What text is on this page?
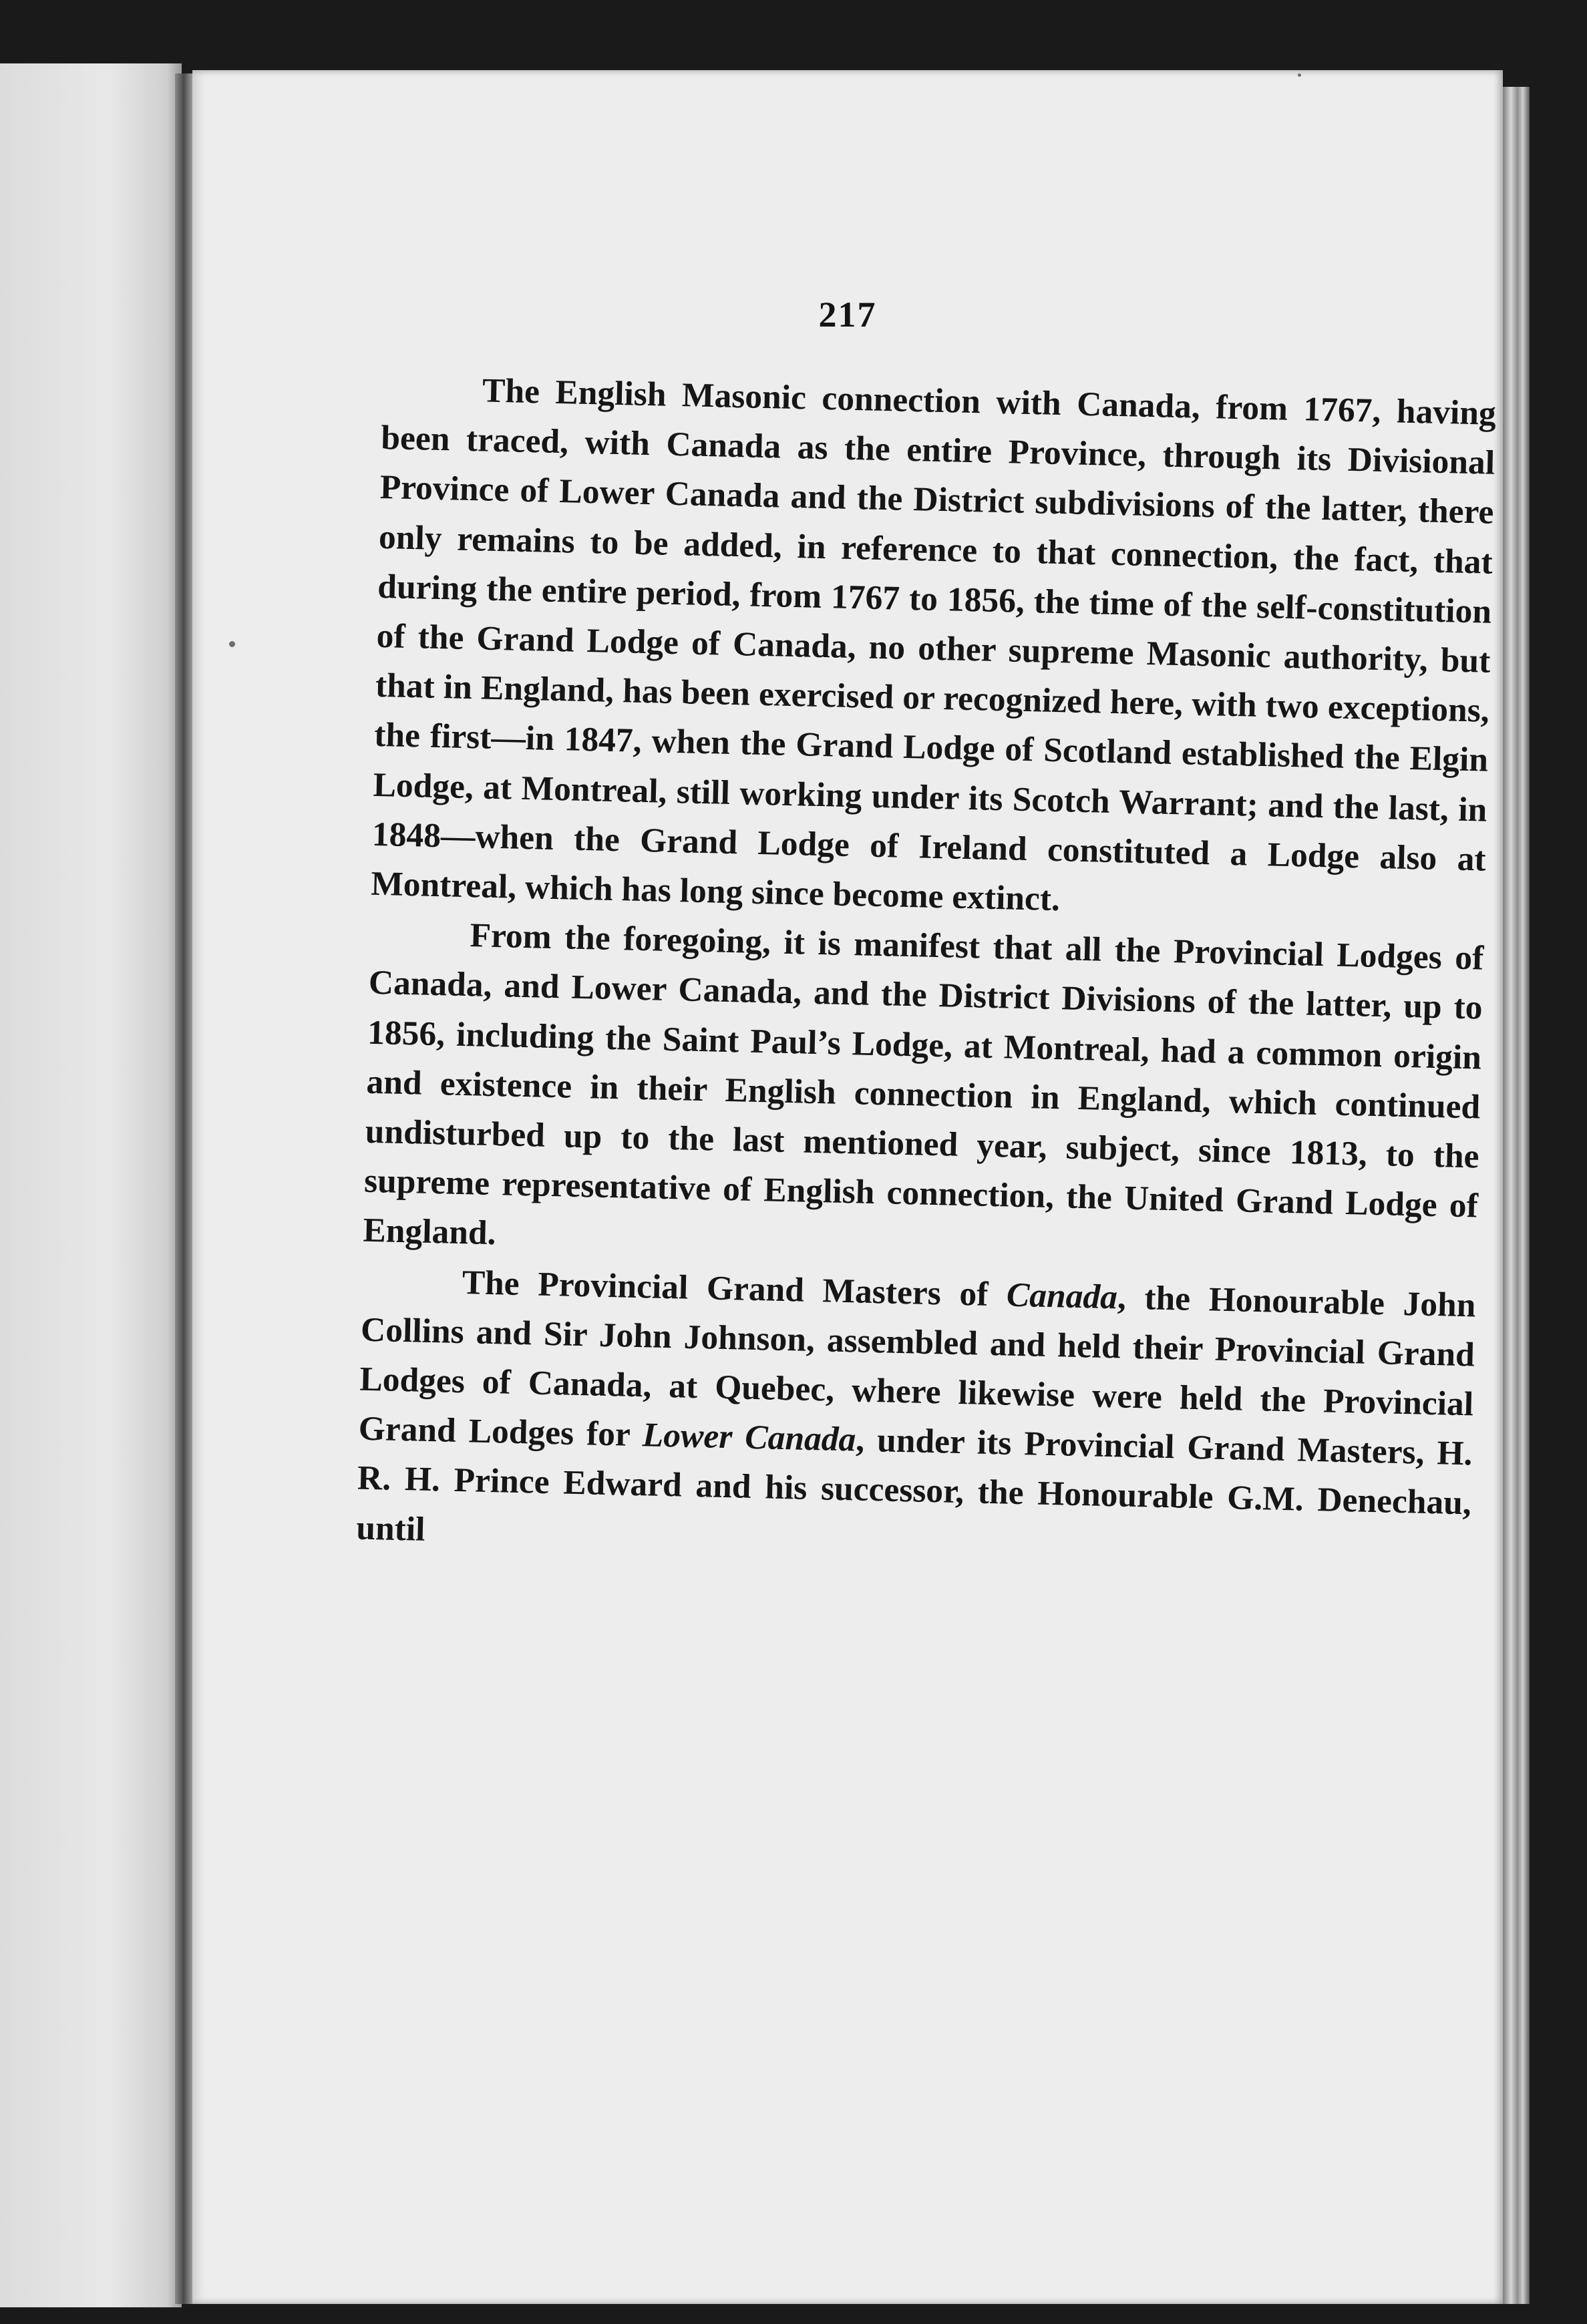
217

The English Masonic connection with Canada, from 1767, having been traced, with Canada as the entire Province, through its Divisional Province of Lower Canada and the District subdivisions of the latter, there only remains to be added, in reference to that connection, the fact, that during the entire period, from 1767 to 1856, the time of the self-constitution of the Grand Lodge of Canada, no other supreme Masonic authority, but that in England, has been exercised or recognized here, with two exceptions, the first—in 1847, when the Grand Lodge of Scotland established the Elgin Lodge, at Montreal, still working under its Scotch Warrant; and the last, in 1848—when the Grand Lodge of Ireland constituted a Lodge also at Montreal, which has long since become extinct.

From the foregoing, it is manifest that all the Provincial Lodges of Canada, and Lower Canada, and the District Divisions of the latter, up to 1856, including the Saint Paul’s Lodge, at Montreal, had a common origin and existence in their English connection in England, which continued undisturbed up to the last mentioned year, subject, since 1813, to the supreme representative of English connection, the United Grand Lodge of England.

The Provincial Grand Masters of Canada, the Honourable John Collins and Sir John Johnson, assembled and held their Provincial Grand Lodges of Canada, at Quebec, where likewise were held the Provincial Grand Lodges for Lower Canada, under its Provincial Grand Masters, H. R. H. Prince Edward and his successor, the Honourable G.M. Denechau, until
